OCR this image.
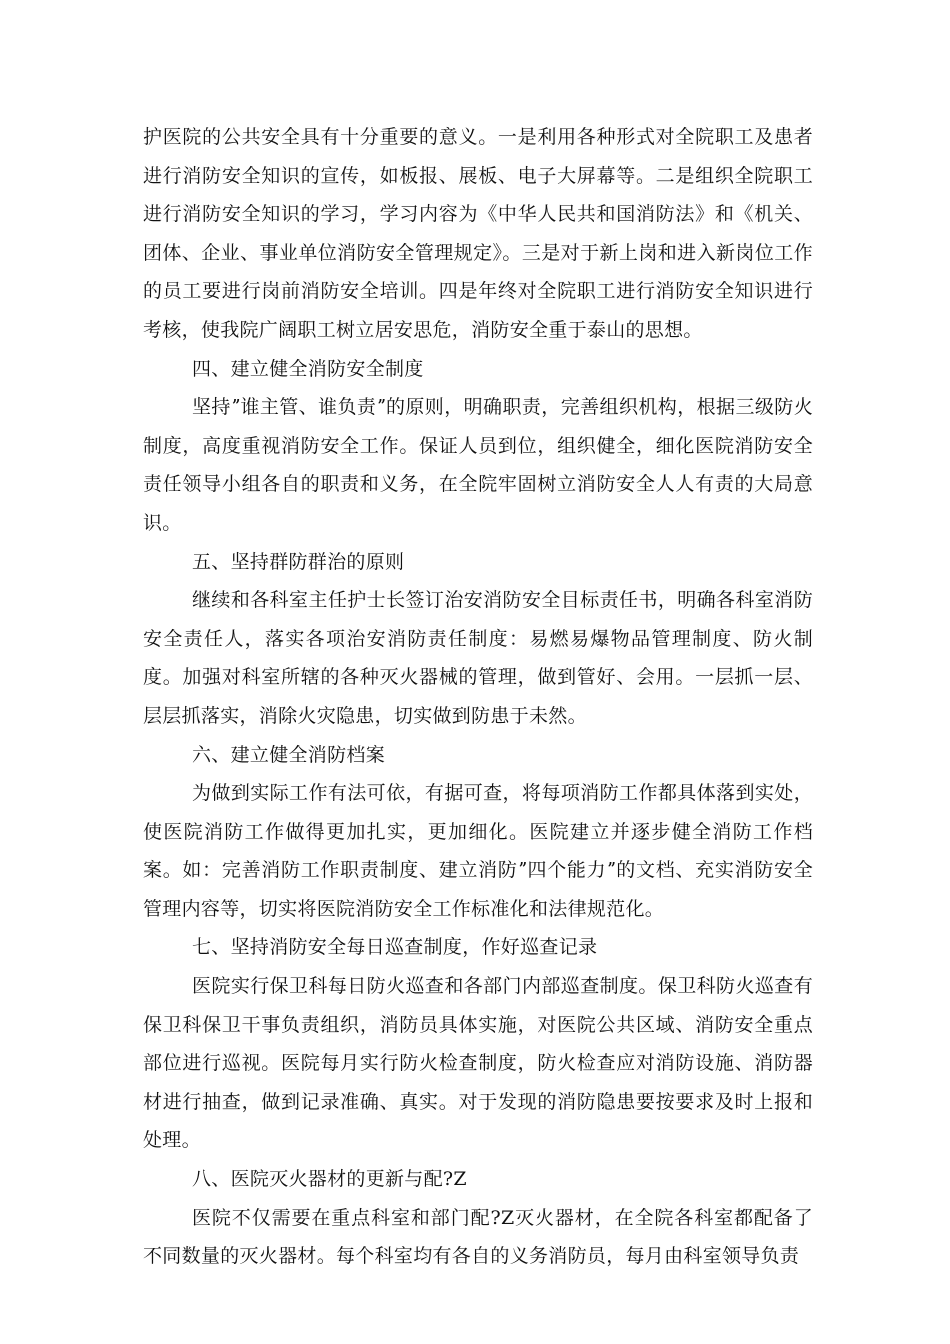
护医院的公共安全具有十分重要的意义。一是利用各种形式对全院职工及患者进行消防安全知识的宣传，如板报、展板、电子大屏幕等。二是组织全院职工进行消防安全知识的学习，学习内容为《中华人民共和国消防法》和《机关、团体、企业、事业单位消防安全管理规定》。三是对于新上岗和进入新岗位工作的员工要进行岗前消防安全培训。四是年终对全院职工进行消防安全知识进行考核，使我院广阔职工树立居安思危，消防安全重于泰山的思想。

四、建立健全消防安全制度

坚持ˮ谁主管、谁负责ˮ的原则，明确职责，完善组织机构，根据三级防火制度，高度重视消防安全工作。保证人员到位，组织健全，细化医院消防安全责任领导小组各自的职责和义务，在全院牢固树立消防安全人人有责的大局意识。

五、坚持群防群治的原则

继续和各科室主任护士长签订治安消防安全目标责任书，明确各科室消防安全责任人，落实各项治安消防责任制度：易燃易爆物品管理制度、防火制度。加强对科室所辖的各种灭火器械的管理，做到管好、会用。一层抓一层、层层抓落实，消除火灾隐患，切实做到防患于未然。

六、建立健全消防档案

为做到实际工作有法可依，有据可查，将每项消防工作都具体落到实处，使医院消防工作做得更加扎实，更加细化。医院建立并逐步健全消防工作档案。如：完善消防工作职责制度、建立消防ˮ四个能力ˮ的文档、充实消防安全管理内容等，切实将医院消防安全工作标准化和法律规范化。

七、坚持消防安全每日巡查制度，作好巡查记录

医院实行保卫科每日防火巡查和各部门内部巡查制度。保卫科防火巡查有保卫科保卫干事负责组织，消防员具体实施，对医院公共区域、消防安全重点部位进行巡视。医院每月实行防火检查制度，防火检查应对消防设施、消防器材进行抽查，做到记录准确、真实。对于发现的消防隐患要按要求及时上报和处理。

八、医院灭火器材的更新与配?Z

医院不仅需要在重点科室和部门配?Z灭火器材，在全院各科室都配备了不同数量的灭火器材。每个科室均有各自的义务消防员，每月由科室领导负责
